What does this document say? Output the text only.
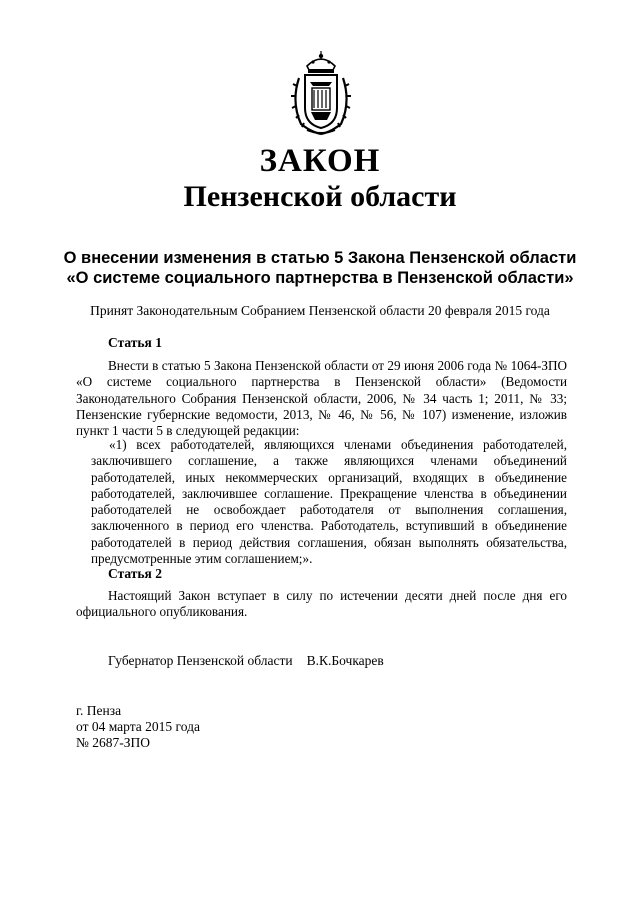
ЗАКОН
Пензенской области
О внесении изменения в статью 5 Закона Пензенской области
«О системе социального партнерства в Пензенской области»
Принят Законодательным Собранием Пензенской области 20 февраля 2015 года
Статья 1
Внести в статью 5 Закона Пензенской области от 29 июня 2006 года № 1064-ЗПО «О системе социального партнерства в Пензенской области» (Ведомости Законодательного Собрания Пензенской области, 2006, № 34 часть 1; 2011, № 33; Пензенские губернские ведомости, 2013, № 46, № 56, № 107) изменение, изложив пункт 1 части 5 в следующей редакции:
«1) всех работодателей, являющихся членами объединения работодателей, заключившего соглашение, а также являющихся членами объединений работодателей, иных некоммерческих организаций, входящих в объединение работодателей, заключившее соглашение. Прекращение членства в объединении работодателей не освобождает работодателя от выполнения соглашения, заключенного в период его членства. Работодатель, вступивший в объединение работодателей в период действия соглашения, обязан выполнять обязательства, предусмотренные этим соглашением;».
Статья 2
Настоящий Закон вступает в силу по истечении десяти дней после дня его официального опубликования.
Губернатор Пензенской области В.К.Бочкарев
г. Пенза
от 04 марта 2015 года
№ 2687-ЗПО
